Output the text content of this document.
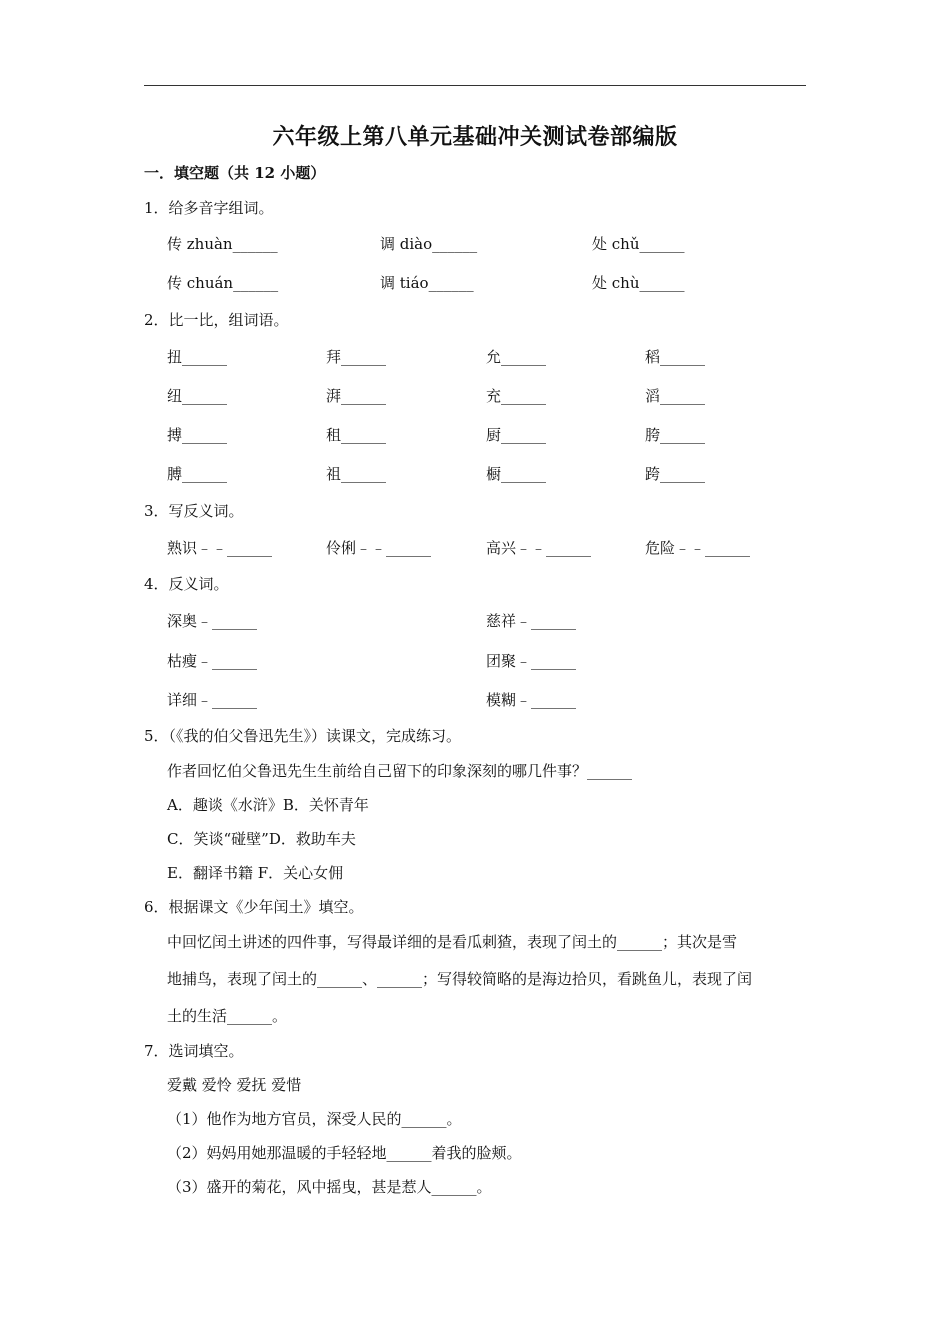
六年级上第八单元基础冲关测试卷部编版
一．填空题（共 12 小题）
1．给多音字组词。
传 zhuàn______	调 diào______	处 chǔ______
传 chuán______	调 tiáo______	处 chù______
2．比一比，组词语。
扭______	拜______	允______	稻______
纽______	湃______	充______	滔______
搏______	租______	厨______	胯______
膊______	祖______	橱______	跨______
3．写反义词。
熟识﹣﹣______	伶俐﹣﹣______	高兴﹣﹣______	危险﹣﹣______
4．反义词。
深奥﹣______	慈祥﹣______
枯瘦﹣______	团聚﹣______
详细﹣______	模糊﹣______
5．（《我的伯父鲁迅先生》）读课文，完成练习。
作者回忆伯父鲁迅先生生前给自己留下的印象深刻的哪几件事？______
A．趣谈《水浒》B．关怀青年
C．笑谈“碰壁”D．救助车夫
E．翻译书籍 F．关心女佣
6．根据课文《少年闰土》填空。
中回忆闰土讲述的四件事，写得最详细的是看瓜刺猹，表现了闰土的______；其次是雪
地捕鸟，表现了闰土的______、______；写得较简略的是海边拾贝，看跳鱼儿，表现了闰
土的生活______。
7．选词填空。
爱戴 爱怜 爱抚 爱惜
（1）他作为地方官员，深受人民的______。
（2）妈妈用她那温暖的手轻轻地______着我的脸颊。
（3）盛开的菊花，风中摇曳，甚是惹人______。
